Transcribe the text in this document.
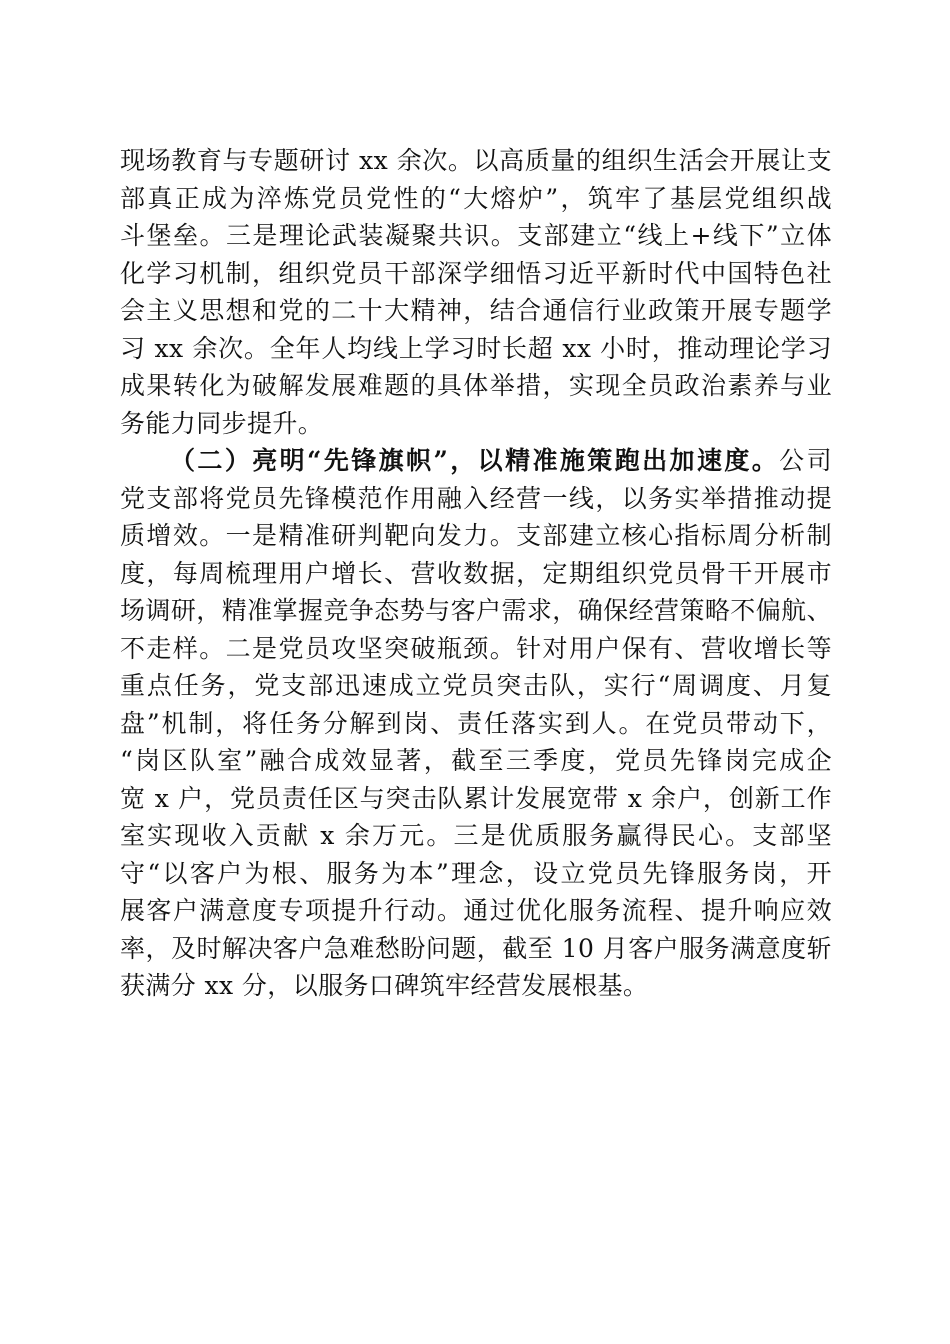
现场教育与专题研讨 xx 余次。以高质量的组织生活会开展让支
部真正成为淬炼党员党性的“大熔炉”，筑牢了基层党组织战
斗堡垒。三是理论武装凝聚共识。支部建立“线上+线下”立体
化学习机制，组织党员干部深学细悟习近平新时代中国特色社
会主义思想和党的二十大精神，结合通信行业政策开展专题学
习 xx 余次。全年人均线上学习时长超 xx 小时，推动理论学习
成果转化为破解发展难题的具体举措，实现全员政治素养与业
务能力同步提升。
（二）亮明“先锋旗帜”，以精准施策跑出加速度。公司
党支部将党员先锋模范作用融入经营一线，以务实举措推动提
质增效。一是精准研判靶向发力。支部建立核心指标周分析制
度，每周梳理用户增长、营收数据，定期组织党员骨干开展市
场调研，精准掌握竞争态势与客户需求，确保经营策略不偏航、
不走样。二是党员攻坚突破瓶颈。针对用户保有、营收增长等
重点任务，党支部迅速成立党员突击队，实行“周调度、月复
盘”机制，将任务分解到岗、责任落实到人。在党员带动下，
“岗区队室”融合成效显著，截至三季度，党员先锋岗完成企
宽 x 户，党员责任区与突击队累计发展宽带 x 余户，创新工作
室实现收入贡献 x 余万元。三是优质服务赢得民心。支部坚
守“以客户为根、服务为本”理念，设立党员先锋服务岗，开
展客户满意度专项提升行动。通过优化服务流程、提升响应效
率，及时解决客户急难愁盼问题，截至 10 月客户服务满意度斩
获满分 xx 分，以服务口碑筑牢经营发展根基。
